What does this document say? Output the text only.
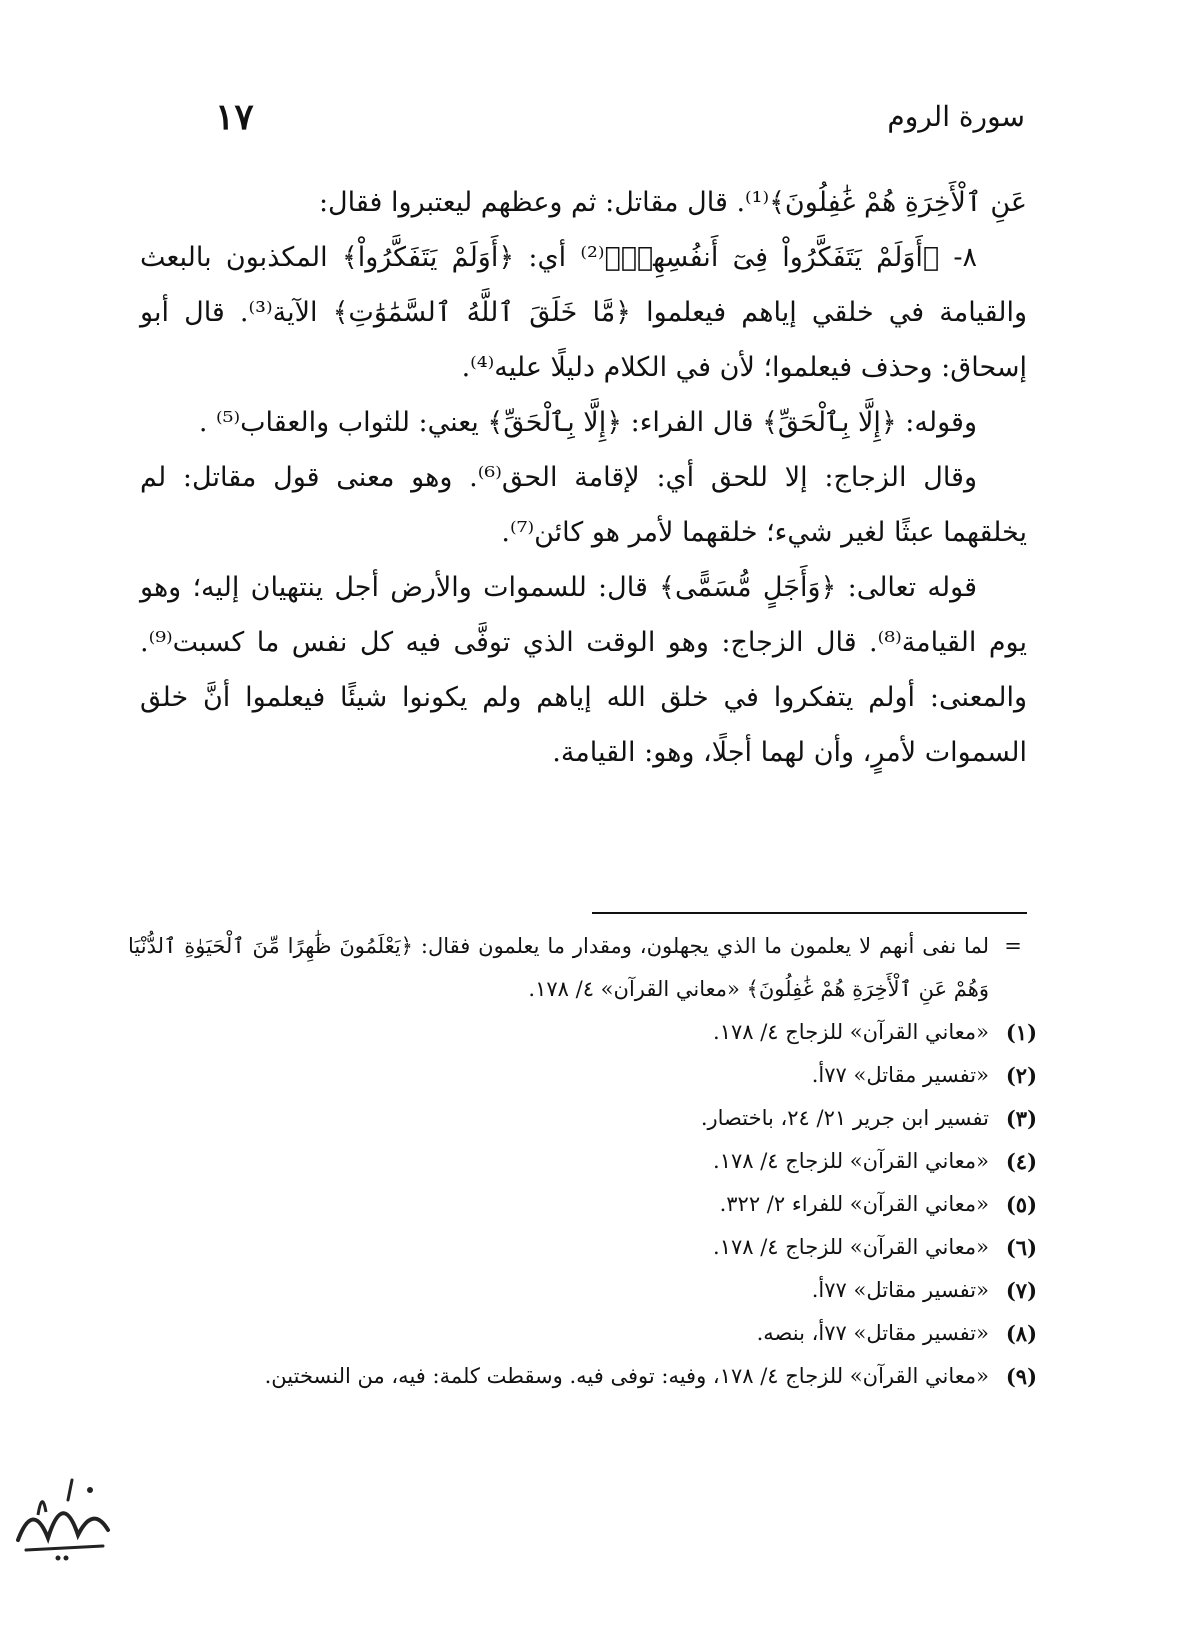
١٧	سورة الروم

عَنِ ٱلْأَخِرَةِ هُمْ غَٰفِلُونَ﴾⁽¹⁾. قال مقاتل: ثم وعظهم ليعتبروا فقال:

٨- ﴿أَوَلَمْ يَتَفَكَّرُواْ فِىٓ أَنفُسِهِمۗ﴾⁽²⁾ أي: ﴿أَوَلَمْ يَتَفَكَّرُواْ﴾ المكذبون بالبعث والقيامة في خلقي إياهم فيعلموا ﴿مَّا خَلَقَ ٱللَّهُ ٱلسَّمَٰوَٰتِ﴾ الآية⁽³⁾. قال أبو إسحاق: وحذف فيعلموا؛ لأن في الكلام دليلًا عليه⁽⁴⁾.

وقوله: ﴿إِلَّا بِٱلْحَقِّ﴾ قال الفراء: ﴿إِلَّا بِٱلْحَقِّ﴾ يعني: للثواب والعقاب⁽⁵⁾ .

وقال الزجاج: إلا للحق أي: لإقامة الحق⁽⁶⁾. وهو معنى قول مقاتل: لم يخلقهما عبثًا لغير شيء؛ خلقهما لأمر هو كائن⁽⁷⁾.

قوله تعالى: ﴿وَأَجَلٍ مُّسَمًّى﴾ قال: للسموات والأرض أجل ينتهيان إليه؛ وهو يوم القيامة⁽⁸⁾. قال الزجاج: وهو الوقت الذي توفَّى فيه كل نفس ما كسبت⁽⁹⁾. والمعنى: أولم يتفكروا في خلق الله إياهم ولم يكونوا شيئًا فيعلموا أنَّ خلق السموات لأمرٍ، وأن لهما أجلًا، وهو: القيامة.

=
لما نفى أنهم لا يعلمون ما الذي يجهلون، ومقدار ما يعلمون فقال: ﴿يَعْلَمُونَ ظَٰهِرًا مِّنَ ٱلْحَيَوٰةِ ٱلدُّنْيَا وَهُمْ عَنِ ٱلْأَخِرَةِ هُمْ غَٰفِلُونَ﴾ «معاني القرآن» ٤/ ١٧٨.
(١)
«معاني القرآن» للزجاج ٤/ ١٧٨.
(٢)
«تفسير مقاتل» ٧٧أ.
(٣)
تفسير ابن جرير ٢١/ ٢٤، باختصار.
(٤)
«معاني القرآن» للزجاج ٤/ ١٧٨.
(٥)
«معاني القرآن» للفراء ٢/ ٣٢٢.
(٦)
«معاني القرآن» للزجاج ٤/ ١٧٨.
(٧)
«تفسير مقاتل» ٧٧أ.
(٨)
«تفسير مقاتل» ٧٧أ، بنصه.
(٩)
«معاني القرآن» للزجاج ٤/ ١٧٨، وفيه: توفى فيه. وسقطت كلمة: فيه، من النسختين.
